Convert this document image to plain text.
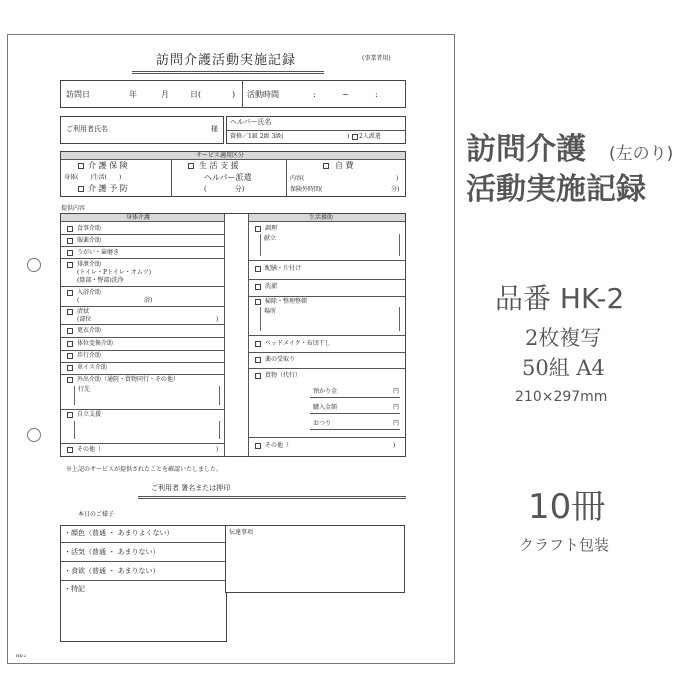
訪問介護活動実施記録	(事業者用)
訪問日	年	月	日(	) 活動時間	:	~	:
ご利用者氏名	様
ヘルパー氏名
資格／1級 2級 3級(	) 2人派遣
サービス適用区分
介 護 保 険
身体(　　)生活(　　)
介 護 予 防
生 活 支 援
ヘルパー派遣
(　　　　分)
自 費
内容(	)
保険外時間(	分)
提供内容
身体介護	生活援助
食事介助
服薬介助
うがい・歯磨き
排泄介助
(トイレ・Pトイレ・オムツ)
(陰部・臀部)洗浄
入浴介助
(	浴)
清拭
(部位	)
更衣介助
体位変換介助
歩行介助
車イス介助
外出介助（通院・買物同行・その他）
行先
自立支援
その他（	)
調理
献立
配膳・片付け
洗濯
掃除・整理整頓
場所
ベッドメイク・布団干し
薬の受取り
買物（代行）
預かり金	円
購入金額	円
おつり	円
その他（	)
※上記のサービスが提供されたことを確認いたしました。
ご利用者 署名または押印
本日のご様子
・顔色（普通 ・ あまりよくない）
・活気（普通 ・ あまりない）
・食欲（普通 ・ あまりない）
・特記
伝達事項
HK-2
訪問介護 (左のり)
活動実施記録
品番 HK-2
2枚複写
50組 A4
210×297mm
10冊
クラフト包装
